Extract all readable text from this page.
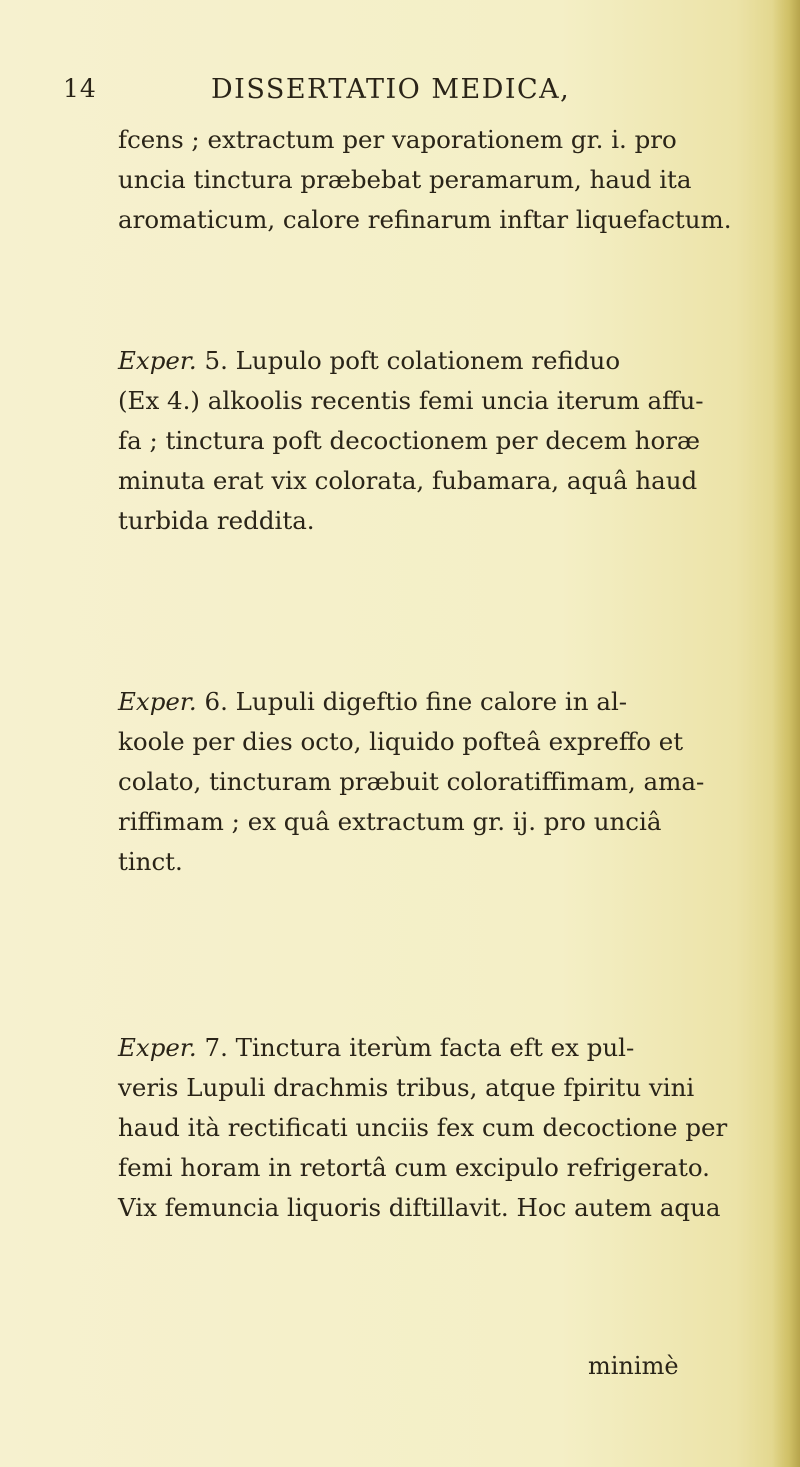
14	DISSERTATIO MEDICA,
fcens ; extractum per vaporationem gr. i. pro
uncia tinctura præbebat peramarum, haud ita
aromaticum, calore refinarum inftar liquefactum.
Exper. 5. Lupulo poft colationem refiduo
(Ex 4.) alkoolis recentis femi uncia iterum affu-
fa ; tinctura poft decoctionem per decem horæ
minuta erat vix colorata, fubamara, aquâ haud
turbida reddita.
Exper. 6. Lupuli digeftio fine calore in al-
koole per dies octo, liquido pofteâ expreffo et
colato, tincturam præbuit coloratiffimam, ama-
riffimam ; ex quâ extractum gr. ij. pro unciâ
tinct.
Exper. 7. Tinctura iterùm facta eft ex pul-
veris Lupuli drachmis tribus, atque fpiritu vini
haud ità rectificati unciis fex cum decoctione per
femi horam in retortâ cum excipulo refrigerato.
Vix femuncia liquoris diftillavit. Hoc autem aqua
minimè
